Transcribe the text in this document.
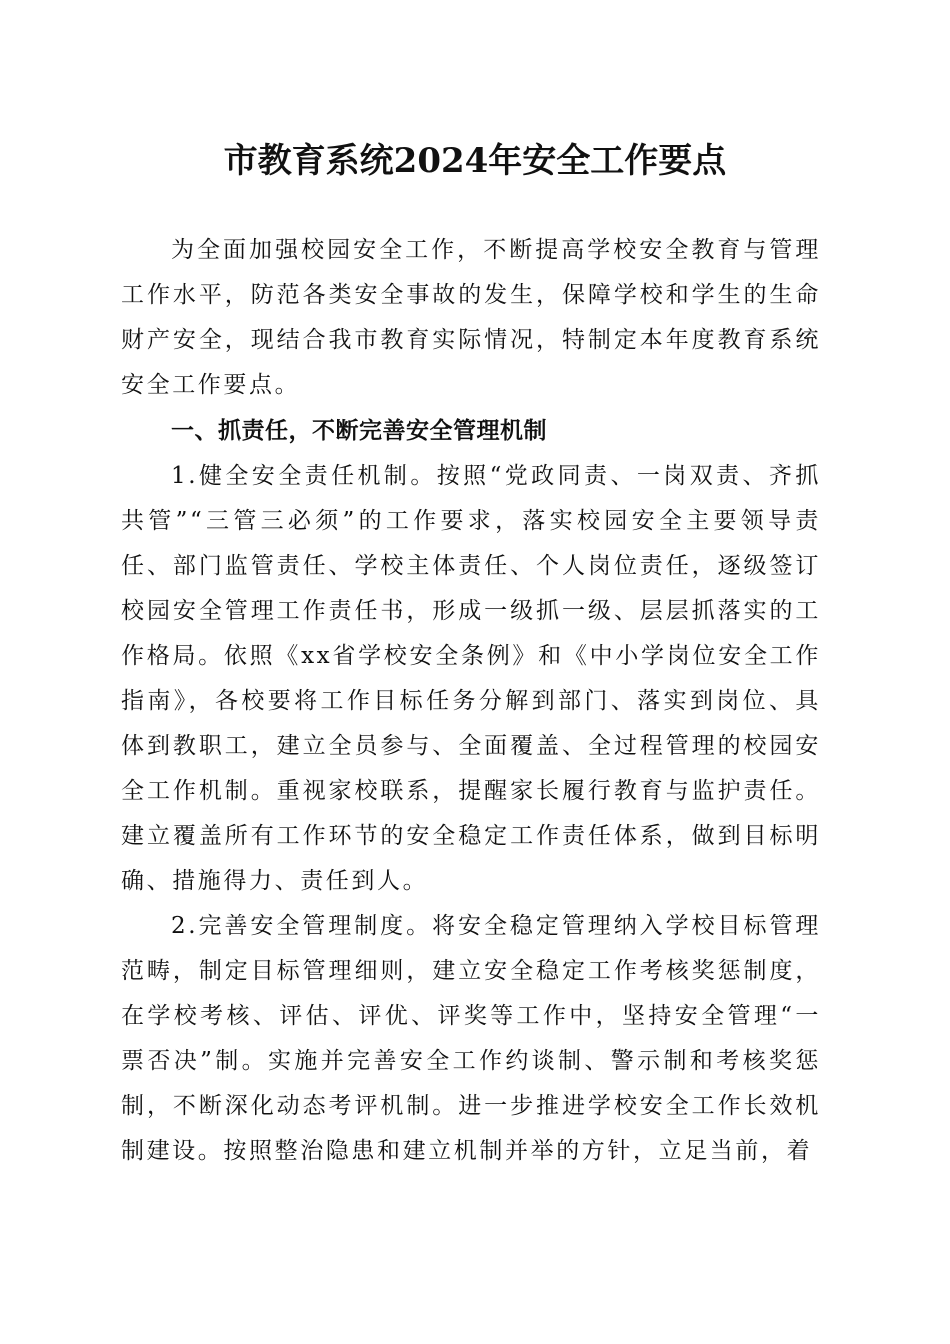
市教育系统2024年安全工作要点

为全面加强校园安全工作，不断提高学校安全教育与管理工作水平，防范各类安全事故的发生，保障学校和学生的生命财产安全，现结合我市教育实际情况，特制定本年度教育系统安全工作要点。

一、抓责任，不断完善安全管理机制

1.健全安全责任机制。按照“党政同责、一岗双责、齐抓共管”“三管三必须”的工作要求，落实校园安全主要领导责任、部门监管责任、学校主体责任、个人岗位责任，逐级签订校园安全管理工作责任书，形成一级抓一级、层层抓落实的工作格局。依照《xx省学校安全条例》和《中小学岗位安全工作指南》，各校要将工作目标任务分解到部门、落实到岗位、具体到教职工，建立全员参与、全面覆盖、全过程管理的校园安全工作机制。重视家校联系，提醒家长履行教育与监护责任。建立覆盖所有工作环节的安全稳定工作责任体系，做到目标明确、措施得力、责任到人。

2.完善安全管理制度。将安全稳定管理纳入学校目标管理范畴，制定目标管理细则，建立安全稳定工作考核奖惩制度，在学校考核、评估、评优、评奖等工作中，坚持安全管理“一票否决”制。实施并完善安全工作约谈制、警示制和考核奖惩制，不断深化动态考评机制。进一步推进学校安全工作长效机制建设。按照整治隐患和建立机制并举的方针，立足当前，着
